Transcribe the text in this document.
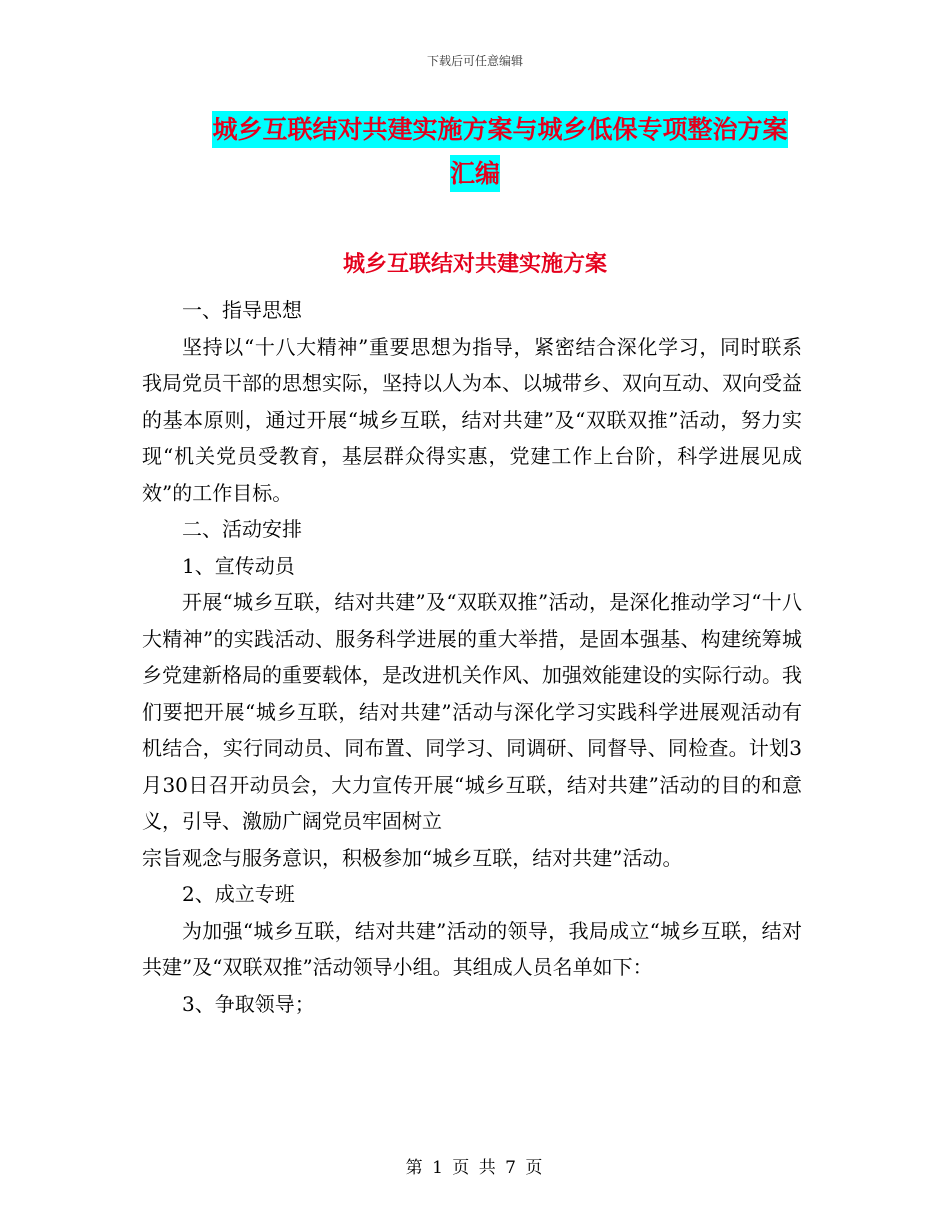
下载后可任意编辑
城乡互联结对共建实施方案与城乡低保专项整治方案
汇编
城乡互联结对共建实施方案

一、指导思想

坚持以“十八大精神”重要思想为指导，紧密结合深化学习，同时联系我局党员干部的思想实际，坚持以人为本、以城带乡、双向互动、双向受益的基本原则，通过开展“城乡互联，结对共建”及“双联双推”活动，努力实现“机关党员受教育，基层群众得实惠，党建工作上台阶，科学进展见成效”的工作目标。

二、活动安排

1、宣传动员

开展“城乡互联，结对共建”及“双联双推”活动，是深化推动学习“十八大精神”的实践活动、服务科学进展的重大举措，是固本强基、构建统筹城乡党建新格局的重要载体，是改进机关作风、加强效能建设的实际行动。我们要把开展“城乡互联，结对共建”活动与深化学习实践科学进展观活动有机结合，实行同动员、同布置、同学习、同调研、同督导、同检查。计划3月30日召开动员会，大力宣传开展“城乡互联，结对共建”活动的目的和意义，引导、激励广阔党员牢固树立

宗旨观念与服务意识，积极参加“城乡互联，结对共建”活动。

2、成立专班

为加强“城乡互联，结对共建”活动的领导，我局成立“城乡互联，结对共建”及“双联双推”活动领导小组。其组成人员名单如下：

3、争取领导；

第 1 页 共 7 页
